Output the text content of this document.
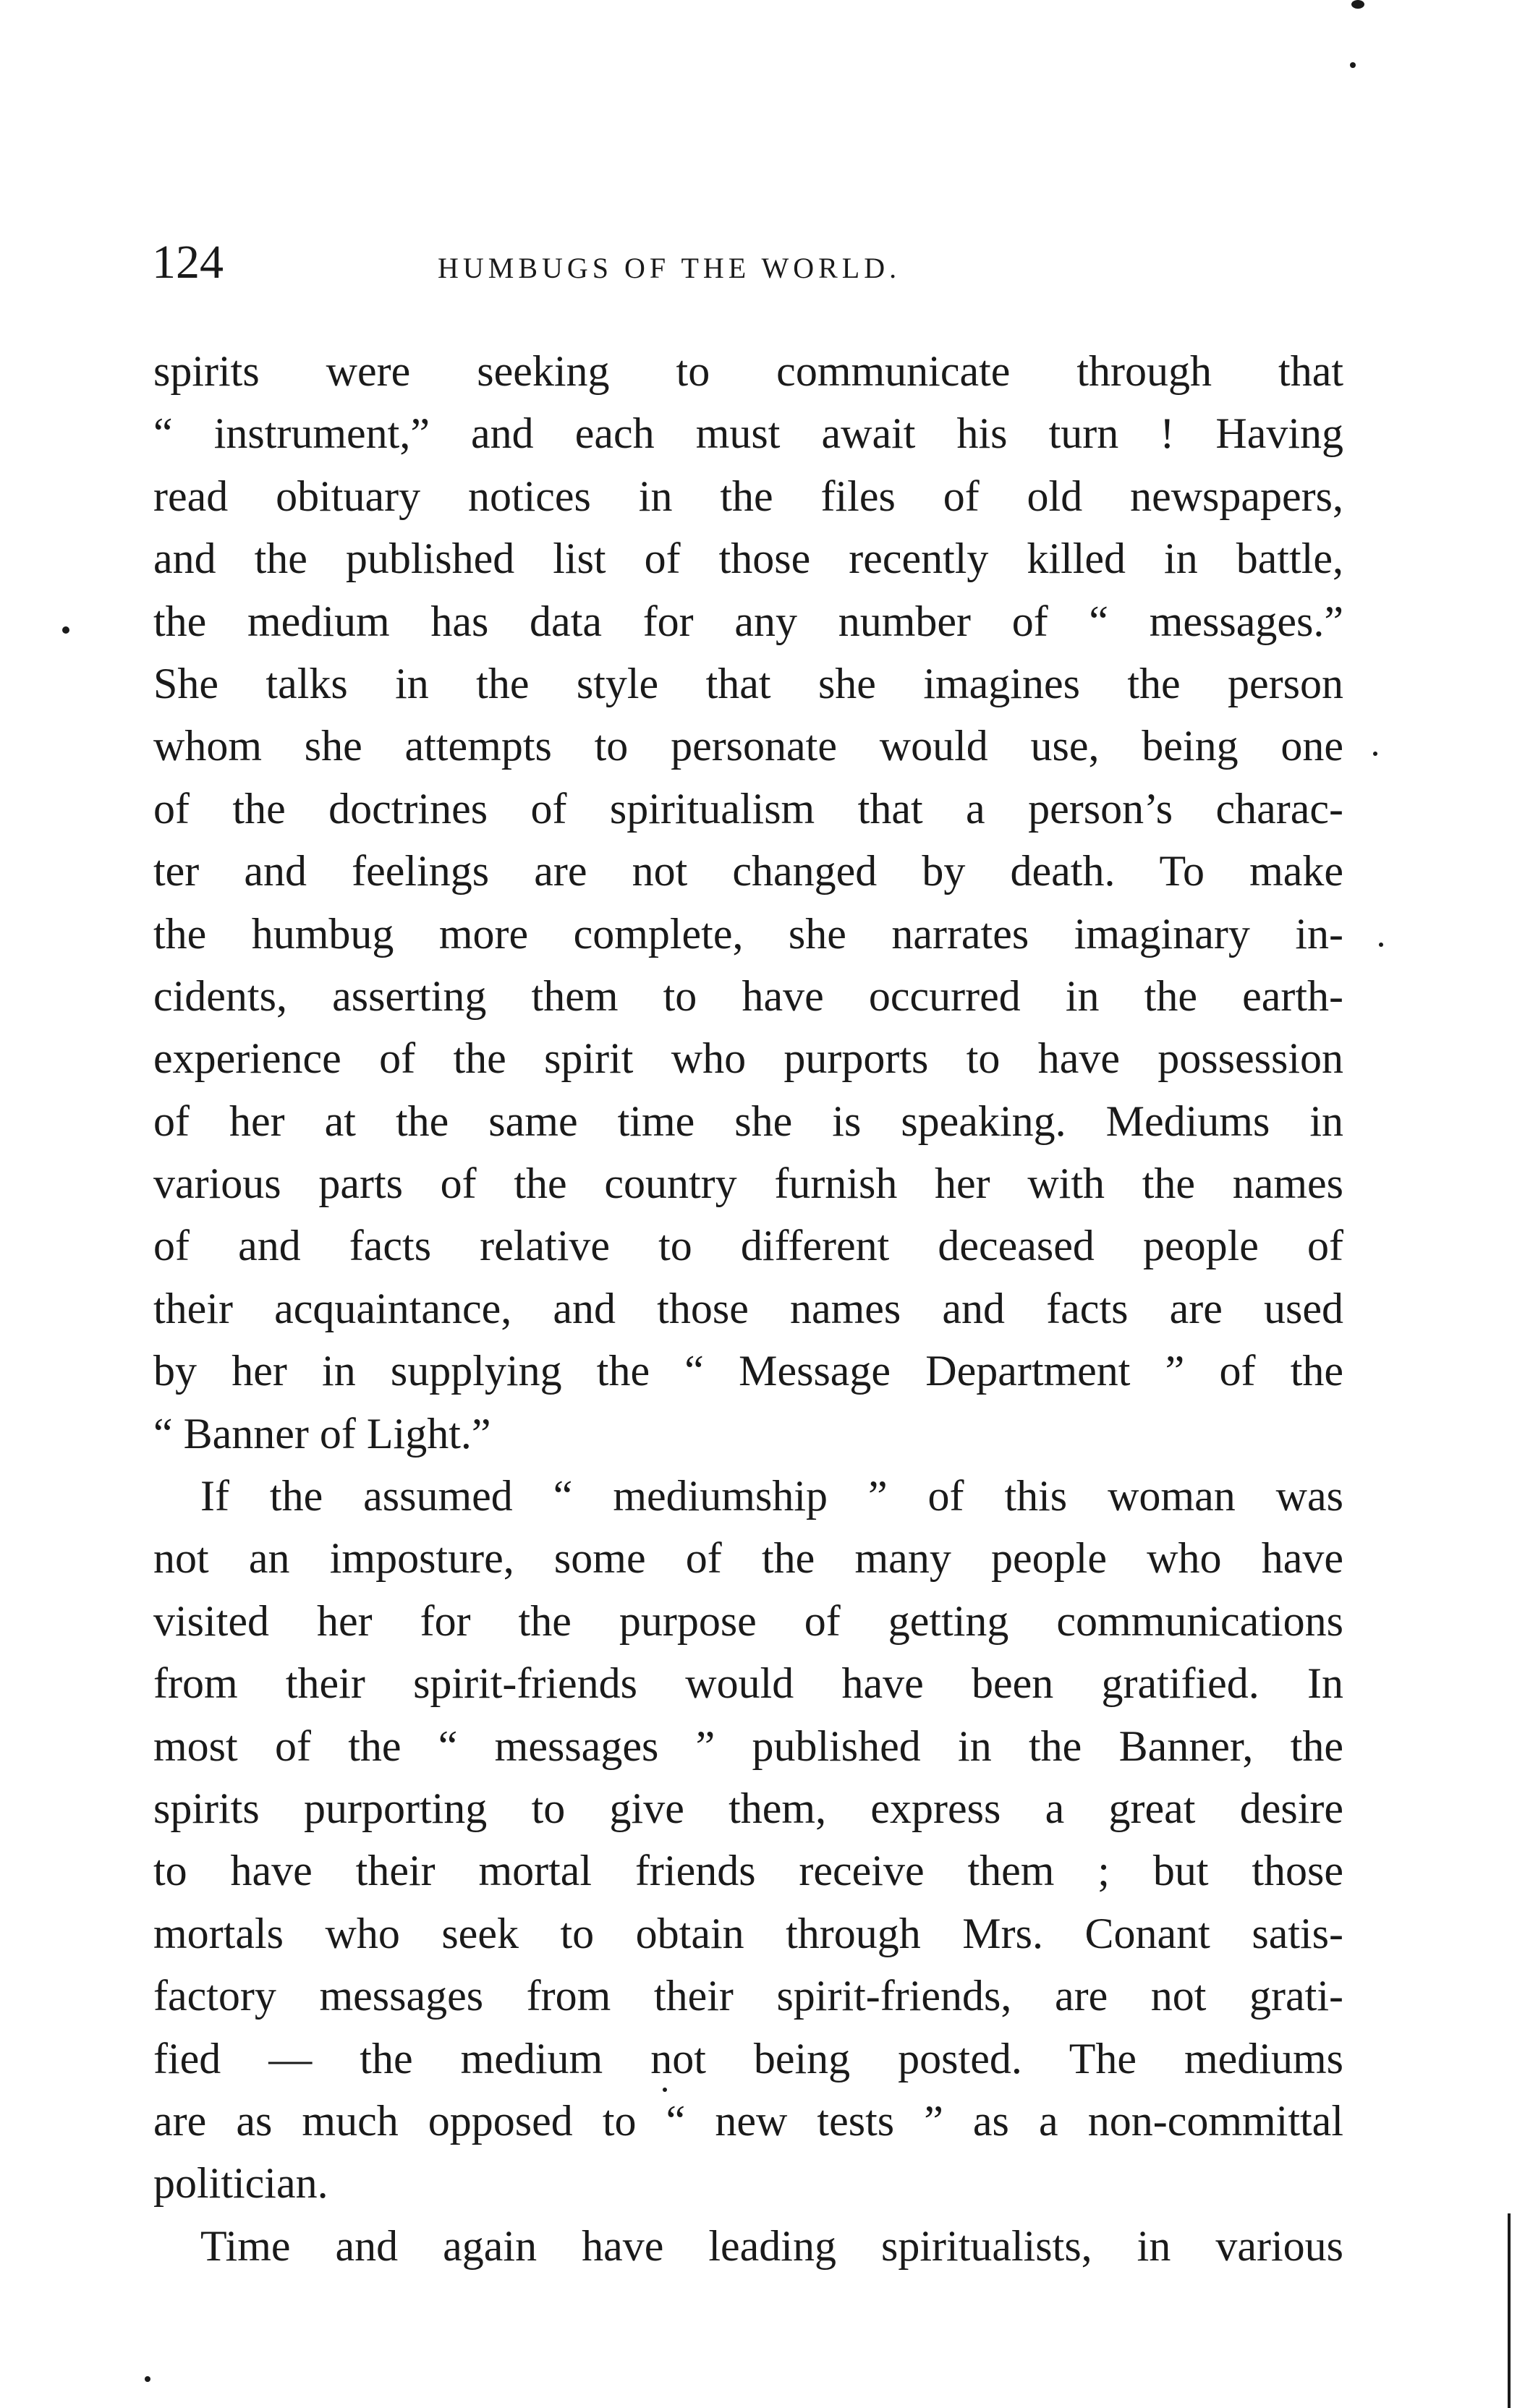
124	HUMBUGS OF THE WORLD.
spirits were seeking to communicate through that
“ instrument,” and each must await his turn ! Having
read obituary notices in the files of old newspapers,
and the published list of those recently killed in battle,
the medium has data for any number of “ messages.”
She talks in the style that she imagines the person
whom she attempts to personate would use, being one
of the doctrines of spiritualism that a person’s charac-
ter and feelings are not changed by death. To make
the humbug more complete, she narrates imaginary in-
cidents, asserting them to have occurred in the earth-
experience of the spirit who purports to have possession
of her at the same time she is speaking. Mediums in
various parts of the country furnish her with the names
of and facts relative to different deceased people of
their acquaintance, and those names and facts are used
by her in supplying the “ Message Department ” of the
“ Banner of Light.”
If the assumed “ mediumship ” of this woman was
not an imposture, some of the many people who have
visited her for the purpose of getting communications
from their spirit-friends would have been gratified. In
most of the “ messages ” published in the Banner, the
spirits purporting to give them, express a great desire
to have their mortal friends receive them ; but those
mortals who seek to obtain through Mrs. Conant satis-
factory messages from their spirit-friends, are not grati-
fied — the medium not being posted. The mediums
are as much opposed to “ new tests ” as a non-committal
politician.
Time and again have leading spiritualists, in various
